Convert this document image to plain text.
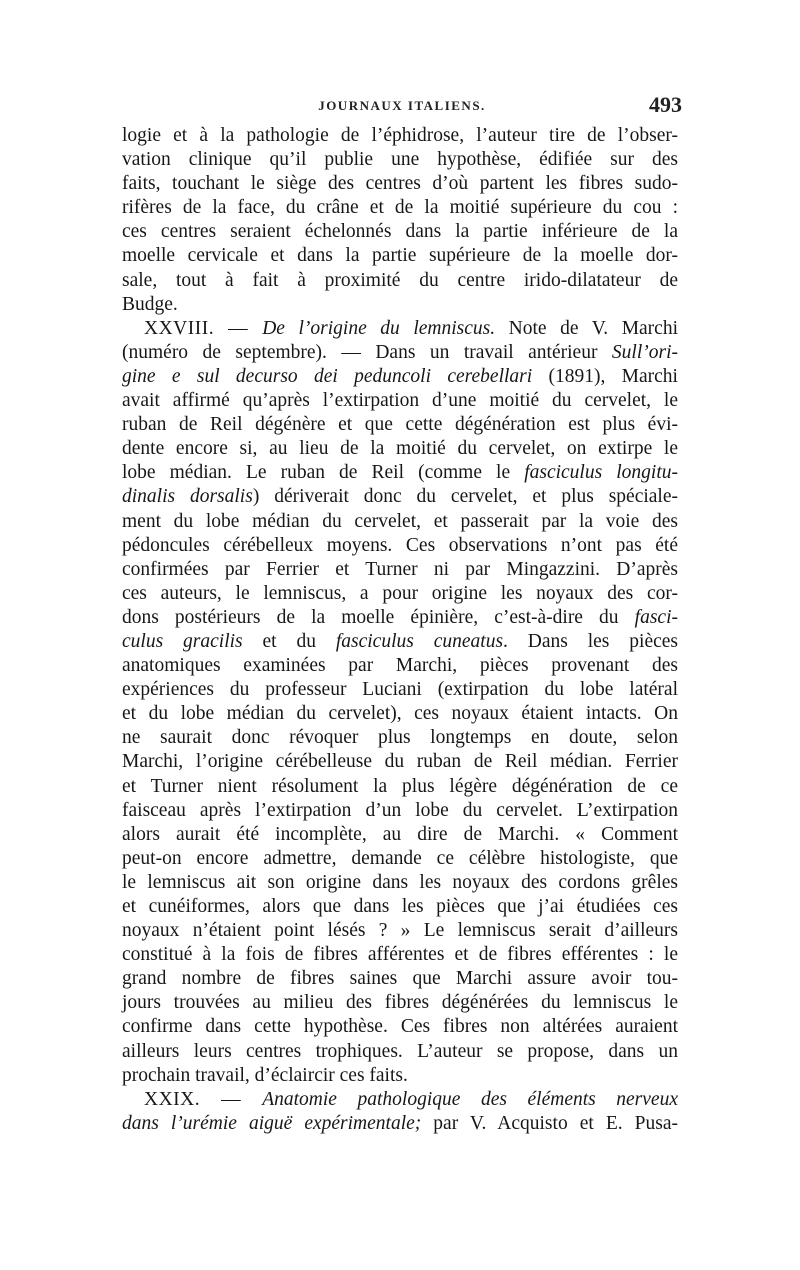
JOURNAUX ITALIENS.	493
logie et à la pathologie de l’éphidrose, l’auteur tire de l’obser-
vation clinique qu’il publie une hypothèse, édifiée sur des
faits, touchant le siège des centres d’où partent les fibres sudo-
rifères de la face, du crâne et de la moitié supérieure du cou :
ces centres seraient échelonnés dans la partie inférieure de la
moelle cervicale et dans la partie supérieure de la moelle dor-
sale, tout à fait à proximité du centre irido-dilatateur de
Budge.
XXVIII. — De l’origine du lemniscus. Note de V. Marchi
(numéro de septembre). — Dans un travail antérieur Sull’ori-
gine e sul decurso dei peduncoli cerebellari (1891), Marchi
avait affirmé qu’après l’extirpation d’une moitié du cervelet, le
ruban de Reil dégénère et que cette dégénération est plus évi-
dente encore si, au lieu de la moitié du cervelet, on extirpe le
lobe médian. Le ruban de Reil (comme le fasciculus longitu-
dinalis dorsalis) dériverait donc du cervelet, et plus spéciale-
ment du lobe médian du cervelet, et passerait par la voie des
pédoncules cérébelleux moyens. Ces observations n’ont pas été
confirmées par Ferrier et Turner ni par Mingazzini. D’après
ces auteurs, le lemniscus, a pour origine les noyaux des cor-
dons postérieurs de la moelle épinière, c’est-à-dire du fasci-
culus gracilis et du fasciculus cuneatus. Dans les pièces
anatomiques examinées par Marchi, pièces provenant des
expériences du professeur Luciani (extirpation du lobe latéral
et du lobe médian du cervelet), ces noyaux étaient intacts. On
ne saurait donc révoquer plus longtemps en doute, selon
Marchi, l’origine cérébelleuse du ruban de Reil médian. Ferrier
et Turner nient résolument la plus légère dégénération de ce
faisceau après l’extirpation d’un lobe du cervelet. L’extirpation
alors aurait été incomplète, au dire de Marchi. « Comment
peut-on encore admettre, demande ce célèbre histologiste, que
le lemniscus ait son origine dans les noyaux des cordons grêles
et cunéiformes, alors que dans les pièces que j’ai étudiées ces
noyaux n’étaient point lésés ? » Le lemniscus serait d’ailleurs
constitué à la fois de fibres afférentes et de fibres efférentes : le
grand nombre de fibres saines que Marchi assure avoir tou-
jours trouvées au milieu des fibres dégénérées du lemniscus le
confirme dans cette hypothèse. Ces fibres non altérées auraient
ailleurs leurs centres trophiques. L’auteur se propose, dans un
prochain travail, d’éclaircir ces faits.
XXIX. — Anatomie pathologique des éléments nerveux
dans l’urémie aiguë expérimentale; par V. Acquisto et E. Pusa-
